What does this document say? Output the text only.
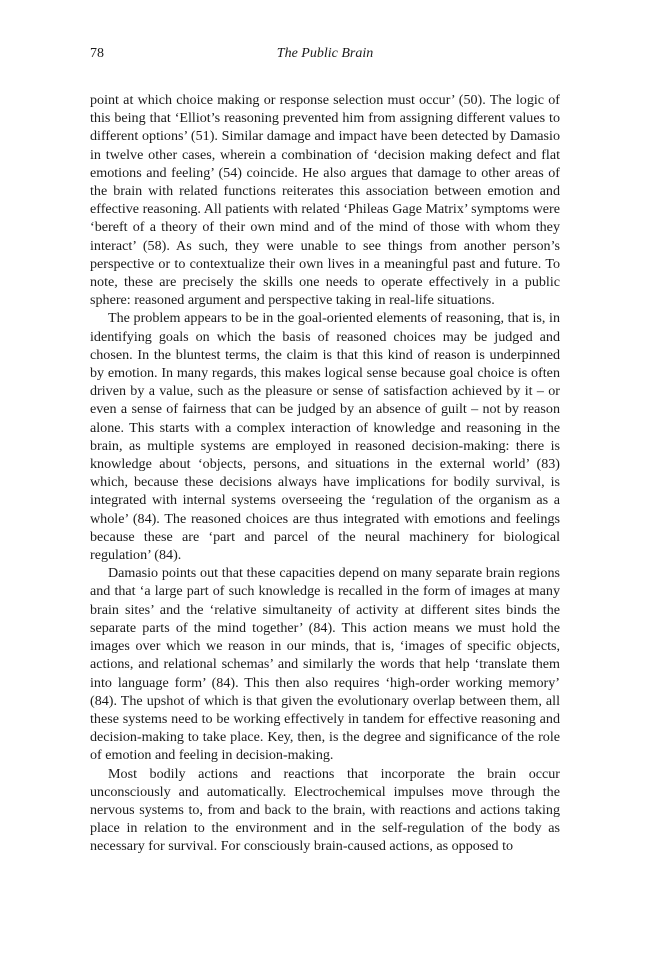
78	The Public Brain

point at which choice making or response selection must occur’ (50). The logic of this being that ‘Elliot’s reasoning prevented him from assigning different values to different options’ (51). Similar damage and impact have been detected by Damasio in twelve other cases, wherein a combination of ‘decision making defect and flat emotions and feeling’ (54) coincide. He also argues that damage to other areas of the brain with related functions reiterates this association between emotion and effective reasoning. All patients with related ‘Phileas Gage Matrix’ symptoms were ‘bereft of a theory of their own mind and of the mind of those with whom they interact’ (58). As such, they were unable to see things from another person’s perspective or to contextualize their own lives in a meaningful past and future. To note, these are precisely the skills one needs to operate effectively in a public sphere: reasoned argument and perspective taking in real-life situations.

The problem appears to be in the goal-oriented elements of reasoning, that is, in identifying goals on which the basis of reasoned choices may be judged and chosen. In the bluntest terms, the claim is that this kind of reason is underpinned by emotion. In many regards, this makes logical sense because goal choice is often driven by a value, such as the pleasure or sense of satisfaction achieved by it – or even a sense of fairness that can be judged by an absence of guilt – not by reason alone. This starts with a complex interaction of knowledge and reasoning in the brain, as multiple systems are employed in reasoned decision-making: there is knowledge about ‘objects, persons, and situations in the external world’ (83) which, because these decisions always have implications for bodily survival, is integrated with internal systems overseeing the ‘regulation of the organism as a whole’ (84). The reasoned choices are thus integrated with emotions and feelings because these are ‘part and parcel of the neural machinery for biological regulation’ (84).

Damasio points out that these capacities depend on many separate brain regions and that ‘a large part of such knowledge is recalled in the form of images at many brain sites’ and the ‘relative simultaneity of activity at different sites binds the separate parts of the mind together’ (84). This action means we must hold the images over which we reason in our minds, that is, ‘images of specific objects, actions, and relational schemas’ and similarly the words that help ‘translate them into language form’ (84). This then also requires ‘high-order working memory’ (84). The upshot of which is that given the evolutionary overlap between them, all these systems need to be working effectively in tandem for effective reasoning and decision-making to take place. Key, then, is the degree and significance of the role of emotion and feeling in decision-making.

Most bodily actions and reactions that incorporate the brain occur unconsciously and automatically. Electrochemical impulses move through the nervous systems to, from and back to the brain, with reactions and actions taking place in relation to the environment and in the self-regulation of the body as necessary for survival. For consciously brain-caused actions, as opposed to
